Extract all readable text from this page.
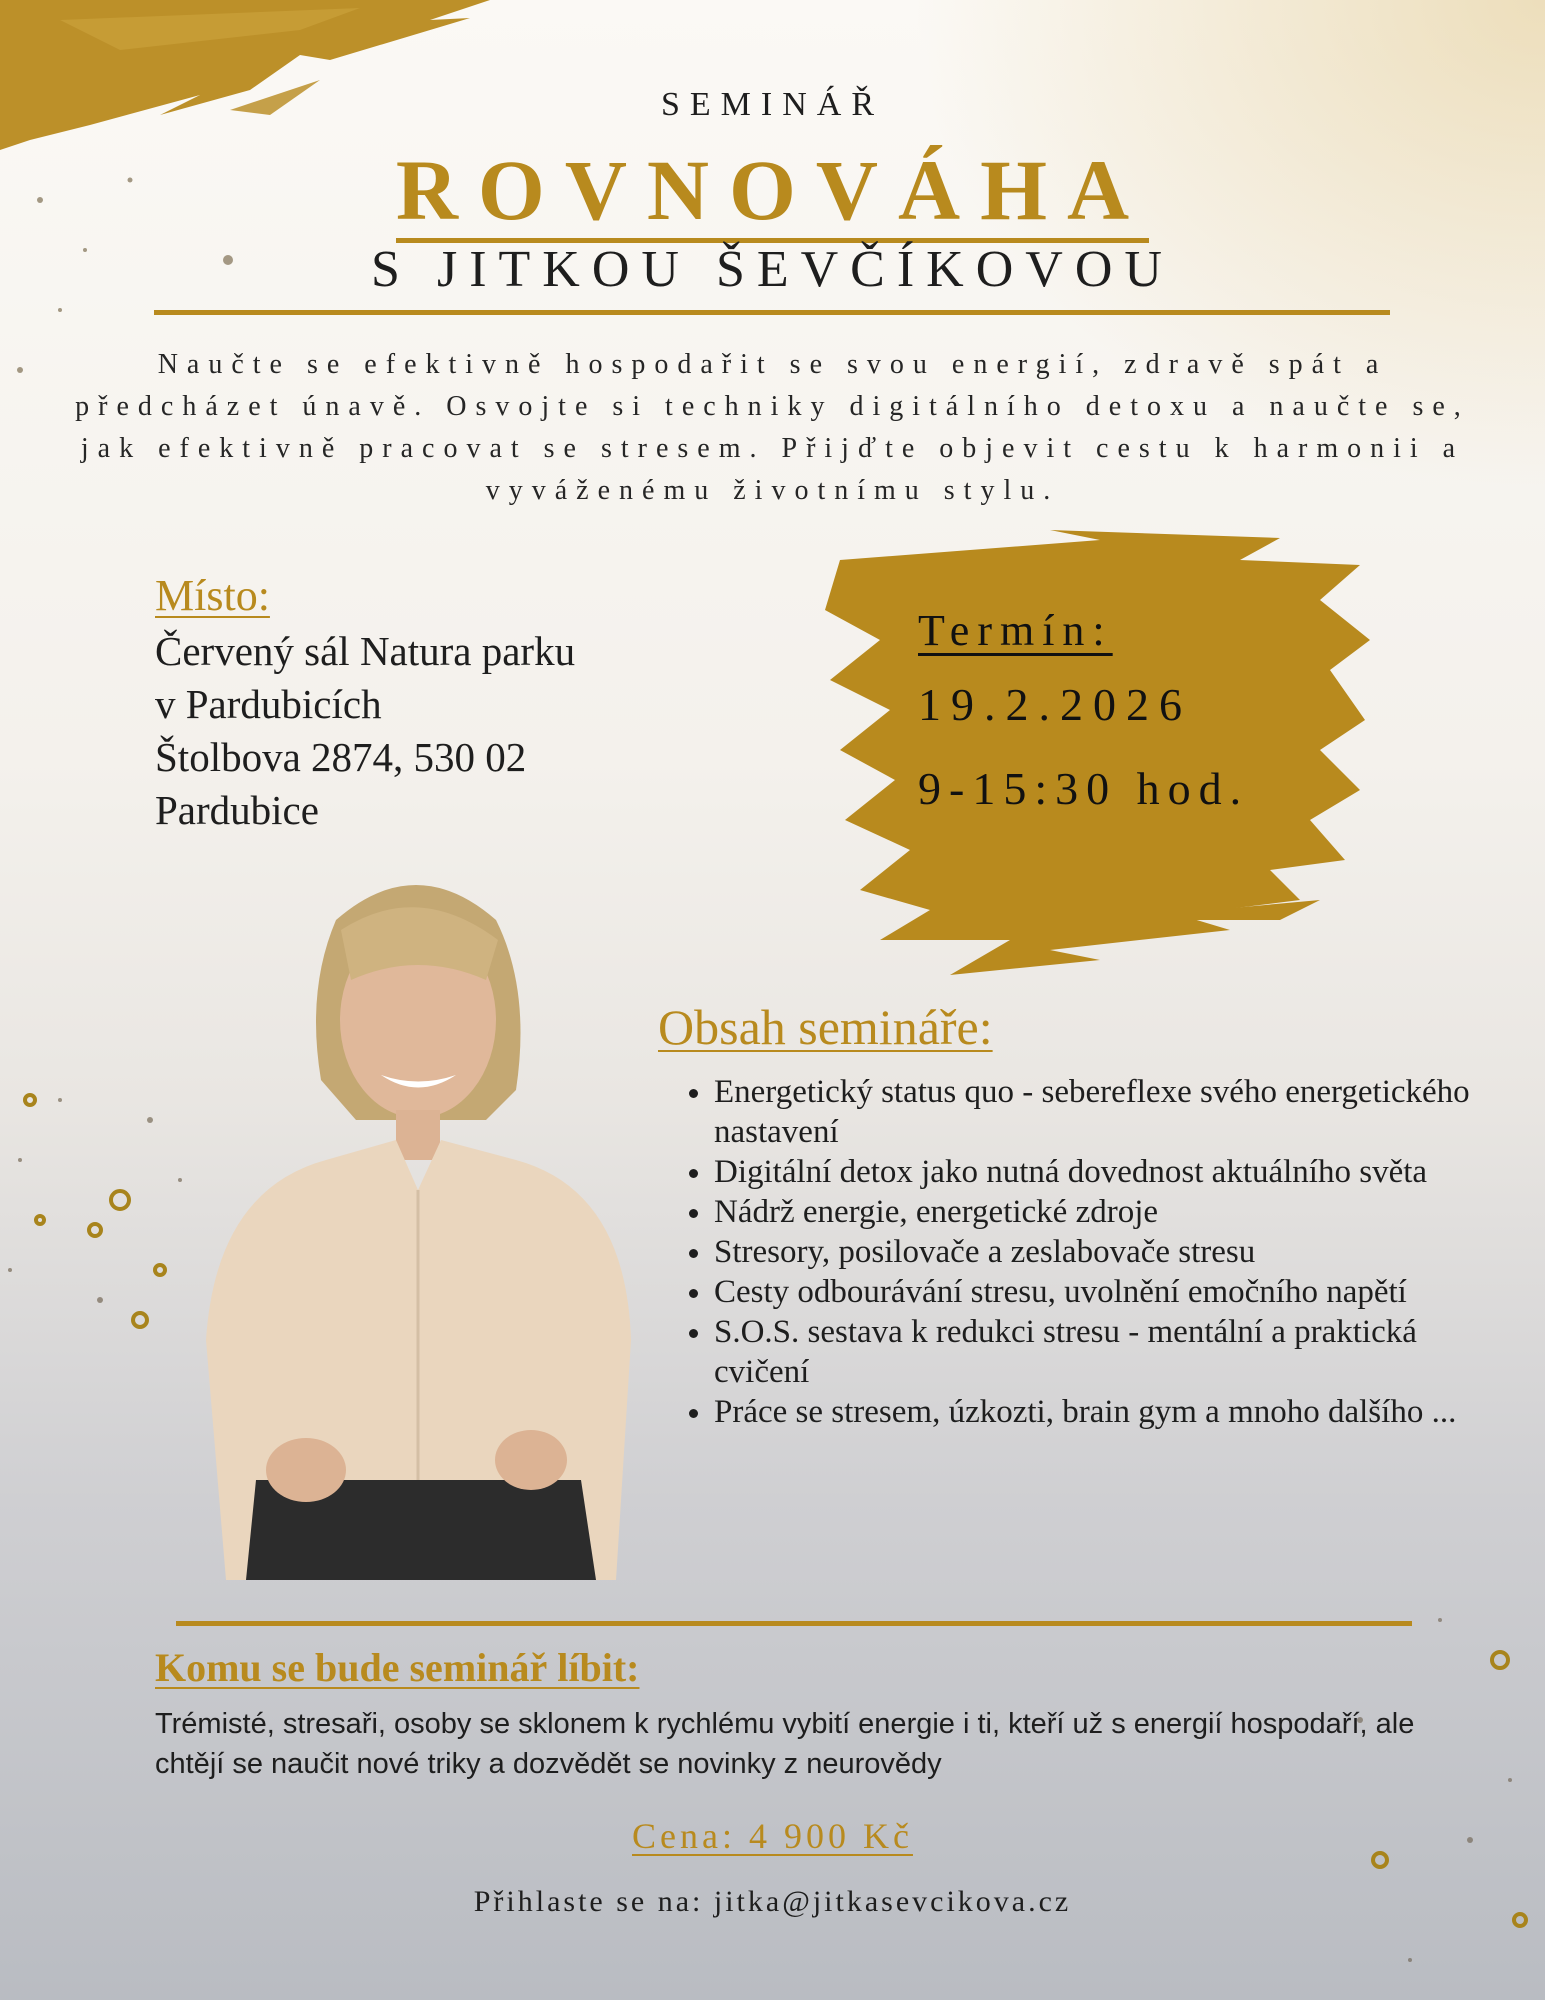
SEMINÁŘ
ROVNOVÁHA
S JITKOU ŠEVČÍKOVOU
Naučte se efektivně hospodařit se svou energií, zdravě spát a předcházet únavě. Osvojte si techniky digitálního detoxu a naučte se, jak efektivně pracovat se stresem. Přijďte objevit cestu k harmonii a vyváženému životnímu stylu.
Místo:
Červený sál Natura parku
v Pardubicích
Štolbova 2874, 530 02
Pardubice
Termín:
19.2.2026
9-15:30 hod.
Obsah semináře:
• Energetický status quo - sebereflexe svého energetického nastavení
• Digitální detox jako nutná dovednost aktuálního světa
• Nádrž energie, energetické zdroje
• Stresory, posilovače a zeslabovače stresu
• Cesty odbourávání stresu, uvolnění emočního napětí
• S.O.S. sestava k redukci stresu - mentální a praktická cvičení
• Práce se stresem, úzkozti, brain gym a mnoho dalšího ...
Komu se bude seminář líbit:
Trémisté, stresaři, osoby se sklonem k rychlému vybití energie i ti, kteří už s energií hospodaří, ale chtějí se naučit nové triky a dozvědět se novinky z neurovědy
Cena: 4 900 Kč
Přihlaste se na: jitka@jitkasevcikova.cz
